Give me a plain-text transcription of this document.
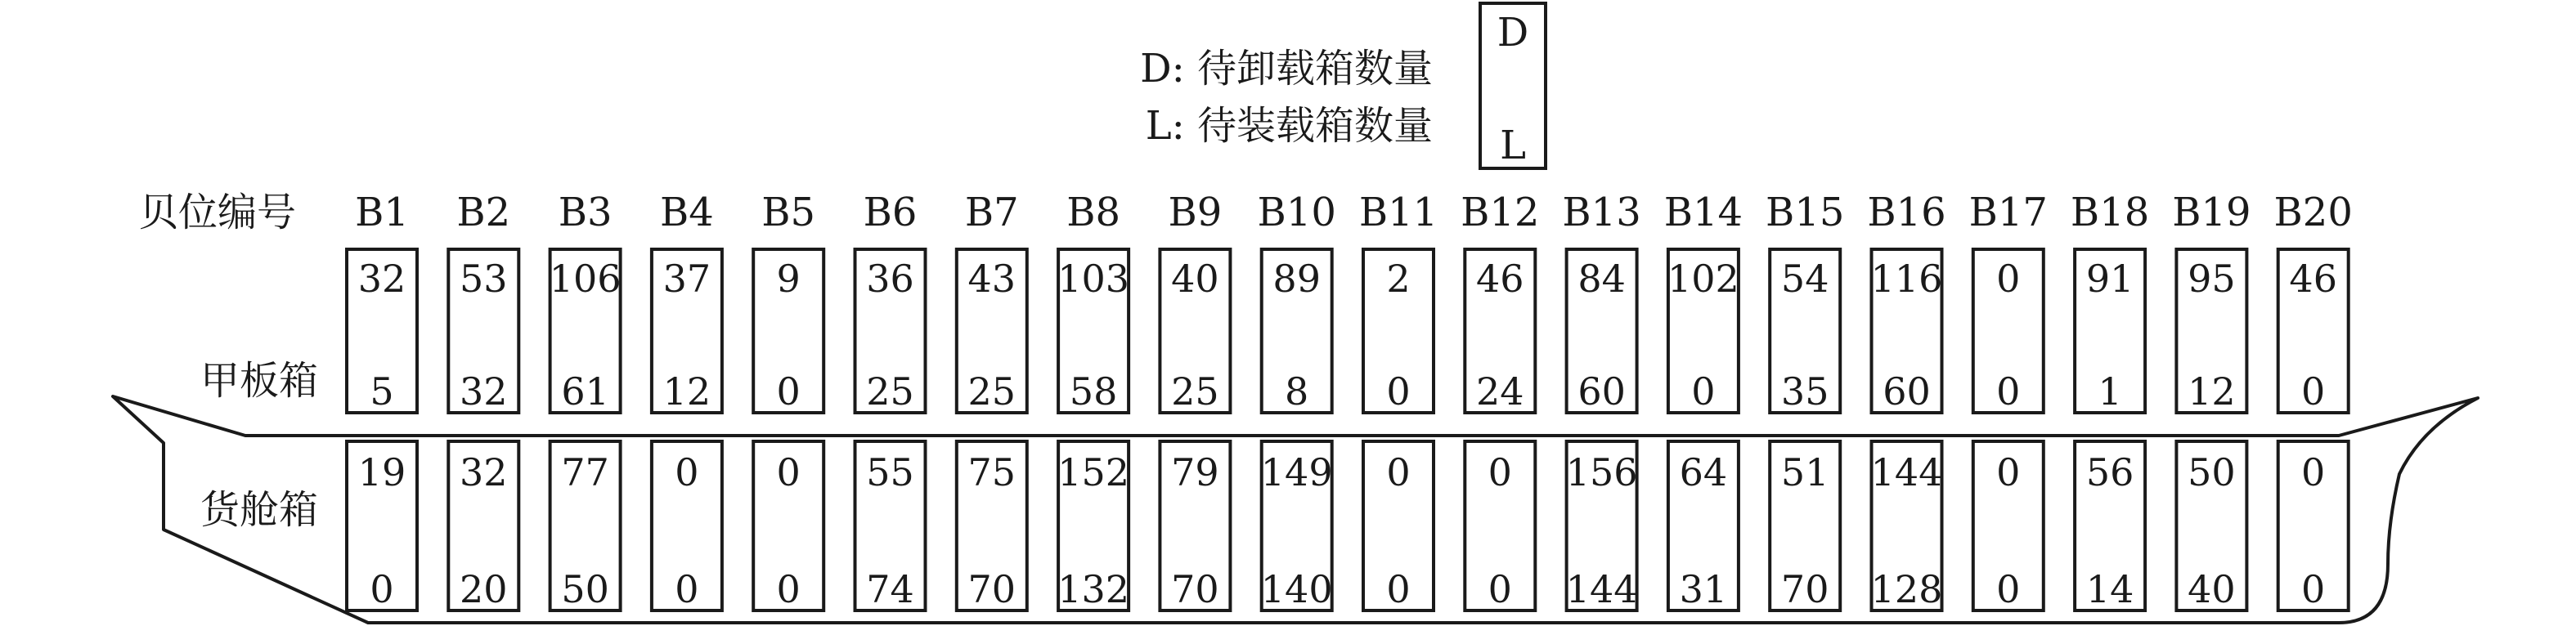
D: 待卸载箱数量
L: 待装载箱数量
D
L
贝位编号
甲板箱
货舱箱
B1
32
5
19
0
B2
53
32
32
20
B3
106
61
77
50
B4
37
12
0
0
B5
9
0
0
0
B6
36
25
55
74
B7
43
25
75
70
B8
103
58
152
132
B9
40
25
79
70
B10
89
8
149
140
B11
2
0
0
0
B12
46
24
0
0
B13
84
60
156
144
B14
102
0
64
31
B15
54
35
51
70
B16
116
60
144
128
B17
0
0
0
0
B18
91
1
56
14
B19
95
12
50
40
B20
46
0
0
0
